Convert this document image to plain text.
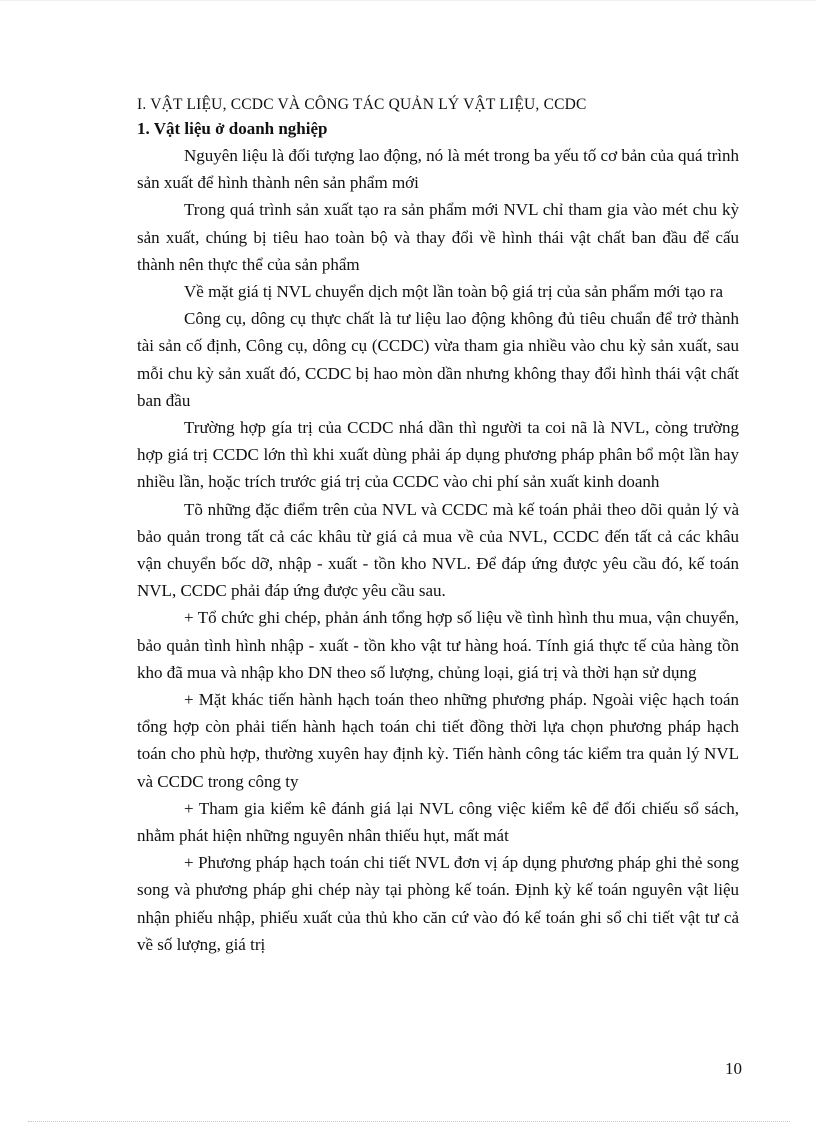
I. VẬT LIỆU, CCDC VÀ CÔNG TÁC QUẢN LÝ VẬT LIỆU, CCDC

1. Vật liệu ở doanh nghiệp

Nguyên liệu là đối tượng lao động, nó là mét trong ba yếu tố cơ bản của quá trình sản xuất để hình thành nên sản phẩm mới

Trong quá trình sản xuất tạo ra sản phẩm mới NVL chỉ tham gia vào mét chu kỳ sản xuất, chúng bị tiêu hao toàn bộ và thay đổi về hình thái vật chất ban đầu để cấu thành nên thực thể của sản phẩm

Về mặt giá tị NVL chuyển dịch một lần toàn bộ giá trị của sản phẩm mới tạo ra

Công cụ, dông cụ thực chất là tư liệu lao động không đủ tiêu chuẩn để trở thành tài sản cố định, Công cụ, dông cụ (CCDC) vừa tham gia nhiều vào chu kỳ sản xuất, sau mỗi chu kỳ sản xuất đó, CCDC bị hao mòn dần nhưng không thay đổi hình thái vật chất ban đầu

Trường hợp gía trị của CCDC nhá dần thì người ta coi nã là NVL, còng trường hợp giá trị CCDC lớn thì khi xuất dùng phải áp dụng phương pháp phân bổ một lần hay nhiều lần, hoặc trích trước giá trị của CCDC vào chi phí sản xuất kinh doanh

Tõ những đặc điểm trên của NVL và CCDC mà kế toán phải theo dõi quản lý và bảo quản trong tất cả các khâu từ giá cả mua về của NVL, CCDC đến tất cả các khâu vận chuyển bốc dỡ, nhập - xuất - tồn kho NVL. Để đáp ứng được yêu cầu đó, kế toán NVL, CCDC phải đáp ứng được yêu cầu sau.

+ Tổ chức ghi chép, phản ánh tổng hợp số liệu về tình hình thu mua, vận chuyển, bảo quản tình hình nhập - xuất - tồn kho vật tư hàng hoá. Tính giá thực tế của hàng tồn kho đã mua và nhập kho DN theo số lượng, chủng loại, giá trị và thời hạn sử dụng

+ Mặt khác tiến hành hạch toán theo những phương pháp. Ngoài việc hạch toán tổng hợp còn phải tiến hành hạch toán chi tiết đồng thời lựa chọn phương pháp hạch toán cho phù hợp, thường xuyên hay định kỳ. Tiến hành công tác kiểm tra quản lý NVL và CCDC trong công ty

+ Tham gia kiểm kê đánh giá lại NVL công việc kiểm kê để đối chiếu sổ sách, nhằm phát hiện những nguyên nhân thiếu hụt, mất mát

+ Phương pháp hạch toán chi tiết NVL đơn vị áp dụng phương pháp ghi thẻ song song và phương pháp ghi chép này tại phòng kế toán. Định kỳ kế toán nguyên vật liệu nhận phiếu nhập, phiếu xuất của thủ kho căn cứ vào đó kế toán ghi sổ chi tiết vật tư cả về số lượng, giá trị

10
